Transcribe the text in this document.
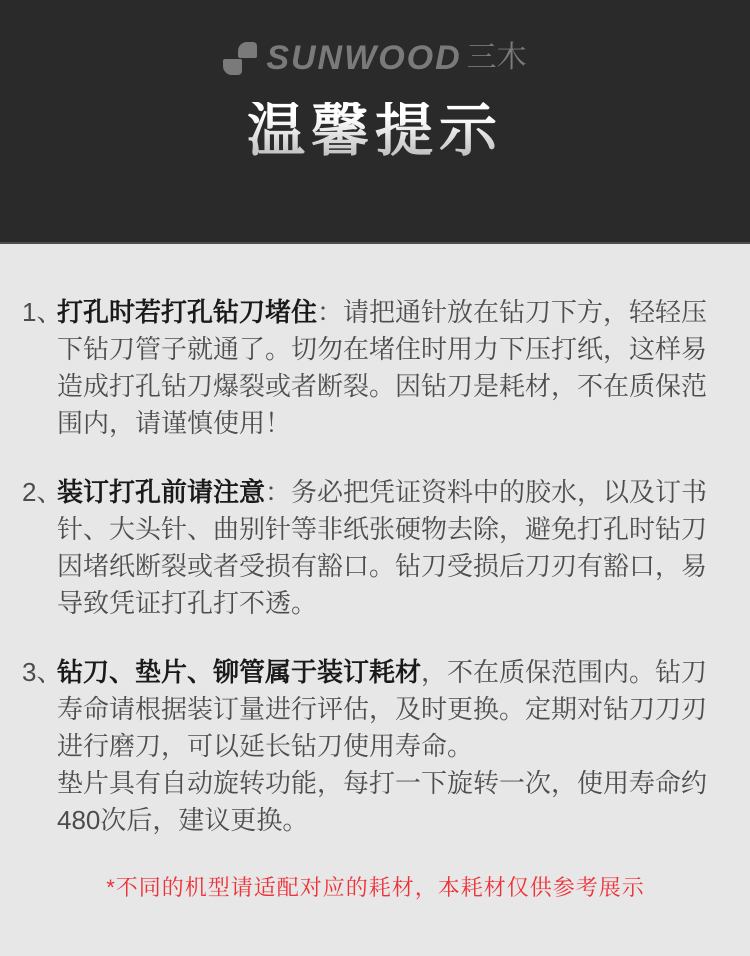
SUNWOOD 三木
温馨提示
1、
打孔时若打孔钻刀堵住：请把通针放在钻刀下方，轻轻压下钻刀管子就通了。切勿在堵住时用力下压打纸，这样易造成打孔钻刀爆裂或者断裂。因钻刀是耗材，不在质保范围内，请谨慎使用！
2、
装订打孔前请注意：务必把凭证资料中的胶水，以及订书针、大头针、曲别针等非纸张硬物去除，避免打孔时钻刀因堵纸断裂或者受损有豁口。钻刀受损后刀刃有豁口，易导致凭证打孔打不透。
3、
钻刀、垫片、铆管属于装订耗材，不在质保范围内。钻刀寿命请根据装订量进行评估，及时更换。定期对钻刀刀刃进行磨刀，可以延长钻刀使用寿命。
垫片具有自动旋转功能，每打一下旋转一次，使用寿命约480次后，建议更换。
*不同的机型请适配对应的耗材，本耗材仅供参考展示
